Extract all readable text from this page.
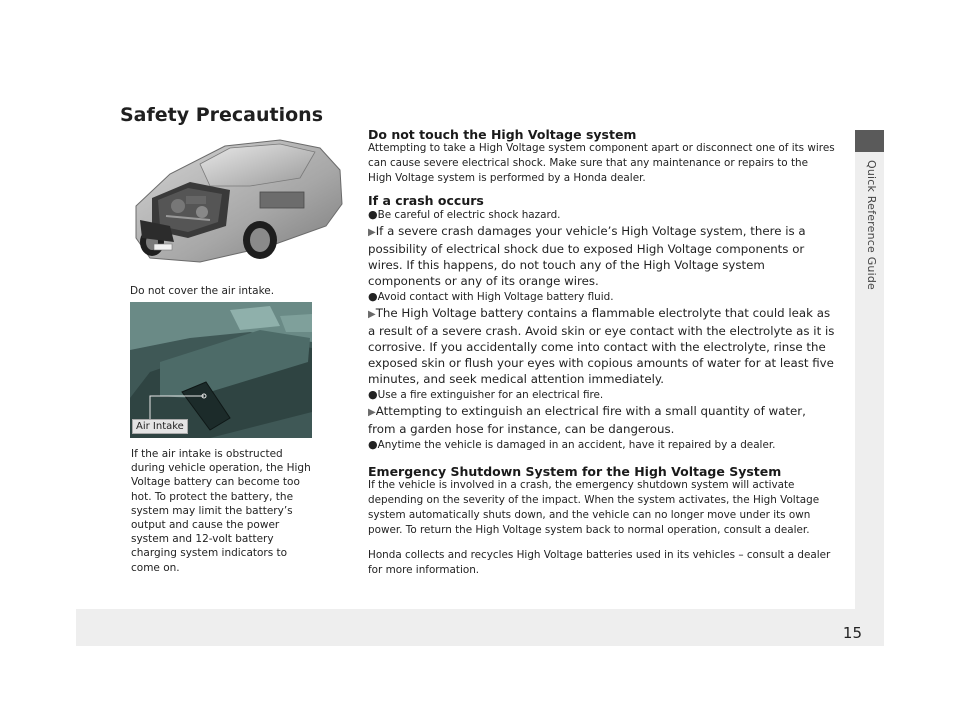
15
Quick Reference Guide
Safety Precautions
Do not cover the air intake.
Air Intake
If the air intake is obstructed during vehicle operation, the High Voltage battery can become too hot. To protect the battery, the system may limit the battery’s output and cause the power system and 12-volt battery charging system indicators to come on.
Do not touch the High Voltage system
Attempting to take a High Voltage system component apart or disconnect one of its wires can cause severe electrical shock. Make sure that any maintenance or repairs to the High Voltage system is performed by a Honda dealer.
If a crash occurs
●Be careful of electric shock hazard.
▶If a severe crash damages your vehicle’s High Voltage system, there is a possibility of electrical shock due to exposed High Voltage components or wires. If this happens, do not touch any of the High Voltage system components or any of its orange wires.
●Avoid contact with High Voltage battery fluid.
▶The High Voltage battery contains a flammable electrolyte that could leak as a result of a severe crash. Avoid skin or eye contact with the electrolyte as it is corrosive. If you accidentally come into contact with the electrolyte, rinse the exposed skin or flush your eyes with copious amounts of water for at least five minutes, and seek medical attention immediately.
●Use a fire extinguisher for an electrical fire.
▶Attempting to extinguish an electrical fire with a small quantity of water, from a garden hose for instance, can be dangerous.
●Anytime the vehicle is damaged in an accident, have it repaired by a dealer.
Emergency Shutdown System for the High Voltage System
If the vehicle is involved in a crash, the emergency shutdown system will activate depending on the severity of the impact. When the system activates, the High Voltage system automatically shuts down, and the vehicle can no longer move under its own power. To return the High Voltage system back to normal operation, consult a dealer.
Honda collects and recycles High Voltage batteries used in its vehicles – consult a dealer for more information.
